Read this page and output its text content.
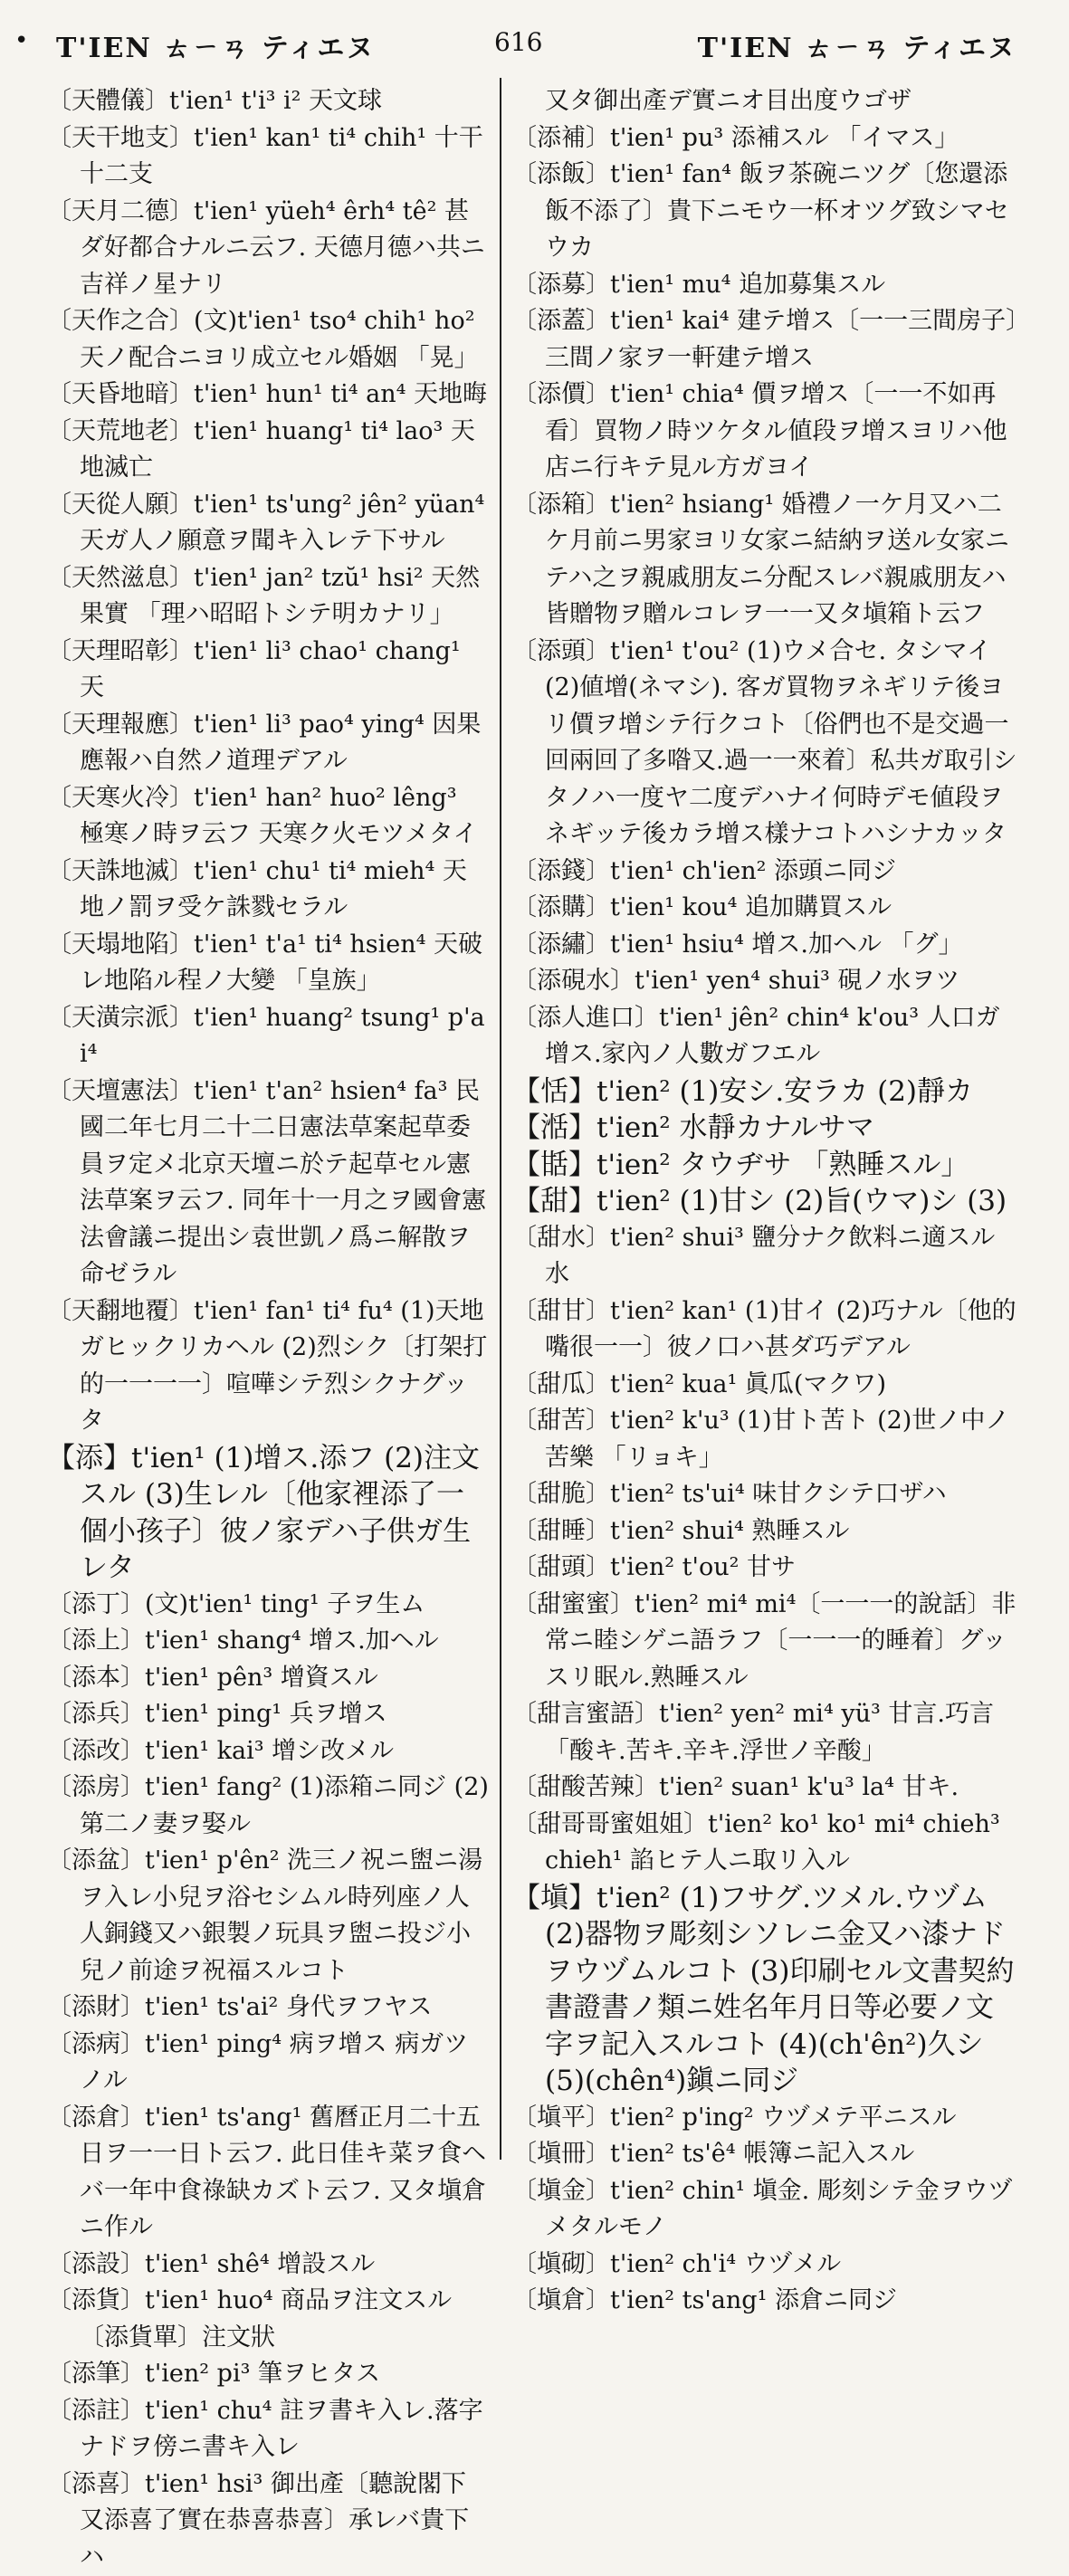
• T'IEN ㄊㄧㄢ ティエヌ	616	T'IEN ㄊㄧㄢ ティエヌ

〔天體儀〕t'ien¹ t'i³ i² 天文球

〔天干地支〕t'ien¹ kan¹ ti⁴ chih¹ 十干十二支

〔天月二德〕t'ien¹ yüeh⁴ êrh⁴ tê² 甚ダ好都合ナルニ云フ. 天德月德ハ共ニ吉祥ノ星ナリ

〔天作之合〕(文)t'ien¹ tso⁴ chih¹ ho² 天ノ配合ニヨリ成立セル婚姻 「晃」

〔天昏地暗〕t'ien¹ hun¹ ti⁴ an⁴ 天地晦

〔天荒地老〕t'ien¹ huang¹ ti⁴ lao³ 天地滅亡

〔天從人願〕t'ien¹ ts'ung² jên² yüan⁴ 天ガ人ノ願意ヲ聞キ入レテ下サル

〔天然滋息〕t'ien¹ jan² tzŭ¹ hsi² 天然果實 「理ハ昭昭トシテ明カナリ」

〔天理昭彰〕t'ien¹ li³ chao¹ chang¹ 天

〔天理報應〕t'ien¹ li³ pao⁴ ying⁴ 因果應報ハ自然ノ道理デアル

〔天寒火冷〕t'ien¹ han² huo² lêng³ 極寒ノ時ヲ云フ 天寒ク火モツメタイ

〔天誅地滅〕t'ien¹ chu¹ ti⁴ mieh⁴ 天地ノ罰ヲ受ケ誅戮セラル

〔天塌地陷〕t'ien¹ t'a¹ ti⁴ hsien⁴ 天破レ地陷ル程ノ大變 「皇族」

〔天潢宗派〕t'ien¹ huang² tsung¹ p'ai⁴

〔天壇憲法〕t'ien¹ t'an² hsien⁴ fa³ 民國二年七月二十二日憲法草案起草委員ヲ定メ北京天壇ニ於テ起草セル憲法草案ヲ云フ. 同年十一月之ヲ國會憲法會議ニ提出シ袁世凱ノ爲ニ解散ヲ命ゼラル

〔天翻地覆〕t'ien¹ fan¹ ti⁴ fu⁴ (1)天地ガヒックリカヘル (2)烈シク〔打架打的一一一一〕喧嘩シテ烈シクナグッタ

【添】t'ien¹ (1)增ス.添フ (2)注文スル (3)生レル〔他家裡添了一個小孩子〕彼ノ家デハ子供ガ生レタ

〔添丁〕(文)t'ien¹ ting¹ 子ヲ生ム

〔添上〕t'ien¹ shang⁴ 增ス.加ヘル

〔添本〕t'ien¹ pên³ 增資スル

〔添兵〕t'ien¹ ping¹ 兵ヲ增ス

〔添改〕t'ien¹ kai³ 增シ改メル

〔添房〕t'ien¹ fang² (1)添箱ニ同ジ (2)第二ノ妻ヲ娶ル

〔添盆〕t'ien¹ p'ên² 洗三ノ祝ニ盥ニ湯ヲ入レ小兒ヲ浴セシムル時列座ノ人人銅錢又ハ銀製ノ玩具ヲ盥ニ投ジ小兒ノ前途ヲ祝福スルコト

〔添財〕t'ien¹ ts'ai² 身代ヲフヤス

〔添病〕t'ien¹ ping⁴ 病ヲ增ス 病ガツノル

〔添倉〕t'ien¹ ts'ang¹ 舊曆正月二十五日ヲ一一日ト云フ. 此日佳キ菜ヲ食ヘバ一年中食祿缺カズト云フ. 又タ塡倉ニ作ル

〔添設〕t'ien¹ shê⁴ 增設スル

〔添貨〕t'ien¹ huo⁴ 商品ヲ注文スル〔添貨單〕注文狀

〔添筆〕t'ien² pi³ 筆ヲヒタス

〔添註〕t'ien¹ chu⁴ 註ヲ書キ入レ.落字ナドヲ傍ニ書キ入レ

〔添喜〕t'ien¹ hsi³ 御出產〔聽說閣下又添喜了實在恭喜恭喜〕承レバ貴下ハ

又タ御出產デ實ニオ目出度ウゴザ

〔添補〕t'ien¹ pu³ 添補スル 「イマス」

〔添飯〕t'ien¹ fan⁴ 飯ヲ茶碗ニツグ〔您還添飯不添了〕貴下ニモウ一杯オツグ致シマセウカ

〔添募〕t'ien¹ mu⁴ 追加募集スル

〔添蓋〕t'ien¹ kai⁴ 建テ增ス〔一一三間房子〕三間ノ家ヲ一軒建テ增ス

〔添價〕t'ien¹ chia⁴ 價ヲ增ス〔一一不如再看〕買物ノ時ツケタル値段ヲ增スヨリハ他店ニ行キテ見ル方ガヨイ

〔添箱〕t'ien² hsiang¹ 婚禮ノ一ケ月又ハ二ケ月前ニ男家ヨリ女家ニ結納ヲ送ル女家ニテハ之ヲ親戚朋友ニ分配スレバ親戚朋友ハ皆贈物ヲ贈ルコレヲ一一又タ塡箱ト云フ

〔添頭〕t'ien¹ t'ou² (1)ウメ合セ. タシマイ (2)値增(ネマシ). 客ガ買物ヲネギリテ後ヨリ價ヲ增シテ行クコト〔俗們也不是交過一回兩回了多喒又.過一一來着〕私共ガ取引シタノハ一度ヤ二度デハナイ何時デモ値段ヲネギッテ後カラ增ス樣ナコトハシナカッタ

〔添錢〕t'ien¹ ch'ien² 添頭ニ同ジ

〔添購〕t'ien¹ kou⁴ 追加購買スル

〔添繡〕t'ien¹ hsiu⁴ 增ス.加ヘル 「グ」

〔添硯水〕t'ien¹ yen⁴ shui³ 硯ノ水ヲツ

〔添人進口〕t'ien¹ jên² chin⁴ k'ou³ 人口ガ增ス.家內ノ人數ガフエル

【恬】t'ien² (1)安シ.安ラカ (2)靜カ

【湉】t'ien² 水靜カナルサマ

【甛】t'ien² タウヂサ 「熟睡スル」

【甜】t'ien² (1)甘シ (2)旨(ウマ)シ (3)

〔甜水〕t'ien² shui³ 鹽分ナク飲料ニ適スル水

〔甜甘〕t'ien² kan¹ (1)甘イ (2)巧ナル〔他的嘴很一一〕彼ノ口ハ甚ダ巧デアル

〔甜瓜〕t'ien² kua¹ 眞瓜(マクワ)

〔甜苦〕t'ien² k'u³ (1)甘ト苦ト (2)世ノ中ノ苦樂 「リョキ」

〔甜脆〕t'ien² ts'ui⁴ 味甘クシテ口ザハ

〔甜睡〕t'ien² shui⁴ 熟睡スル

〔甜頭〕t'ien² t'ou² 甘サ

〔甜蜜蜜〕t'ien² mi⁴ mi⁴〔一一一的說話〕非常ニ睦シゲニ語ラフ〔一一一的睡着〕グッスリ眠ル.熟睡スル

〔甜言蜜語〕t'ien² yen² mi⁴ yü³ 甘言.巧言 「酸キ.苦キ.辛キ.浮世ノ辛酸」

〔甜酸苦辣〕t'ien² suan¹ k'u³ la⁴ 甘キ.

〔甜哥哥蜜姐姐〕t'ien² ko¹ ko¹ mi⁴ chieh³ chieh¹ 諂ヒテ人ニ取リ入ル

【塡】t'ien² (1)フサグ.ツメル.ウヅム (2)器物ヲ彫刻シソレニ金又ハ漆ナドヲウヅムルコト (3)印刷セル文書契約書證書ノ類ニ姓名年月日等必要ノ文字ヲ記入スルコト (4)(ch'ên²)久シ (5)(chên⁴)鎭ニ同ジ

〔塡平〕t'ien² p'ing² ウヅメテ平ニスル

〔塡冊〕t'ien² ts'ê⁴ 帳簿ニ記入スル

〔塡金〕t'ien² chin¹ 塡金. 彫刻シテ金ヲウヅメタルモノ

〔塡砌〕t'ien² ch'i⁴ ウヅメル

〔塡倉〕t'ien² ts'ang¹ 添倉ニ同ジ
